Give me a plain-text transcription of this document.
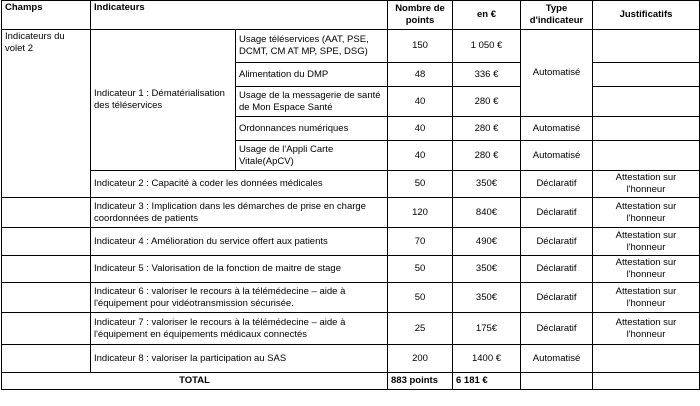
Champs	Indicateurs		Nombre de points	en €	Type d'indicateur	Justificatifs
Indicateurs du volet 2	Indicateur 1 : Dématérialisation des téléservices	Usage téléservices (AAT, PSE, DCMT, CM AT MP, SPE, DSG)	150	1 050 €	Automatisé	
		Alimentation du DMP	48	336 €		
		Usage de la messagerie de santé de Mon Espace Santé	40	280 €		
		Ordonnances numériques	40	280 €	Automatisé	
		Usage de l'Appli Carte Vitale(ApCV)	40	280 €	Automatisé	
	Indicateur 2 : Capacité à coder les données médicales		50	350€	Déclaratif	Attestation sur l'honneur
	Indicateur 3 : Implication dans les démarches de prise en charge coordonnées de patients		120	840€	Déclaratif	Attestation sur l'honneur
	Indicateur 4 : Amélioration du service offert aux patients		70	490€	Déclaratif	Attestation sur l'honneur
	Indicateur 5 : Valorisation de la fonction de maitre de stage		50	350€	Déclaratif	Attestation sur l'honneur
	Indicateur 6 : valoriser le recours à la télémédecine – aide à l'équipement pour vidéotransmission sécurisée.		50	350€	Déclaratif	Attestation sur l'honneur
	Indicateur 7 : valoriser le recours à la télémédecine – aide à l'équipement en équipements médicaux connectés		25	175€	Déclaratif	Attestation sur l'honneur
	Indicateur 8 : valoriser la participation au SAS		200	1400 €	Automatisé	
TOTAL			883 points	6 181 €		
